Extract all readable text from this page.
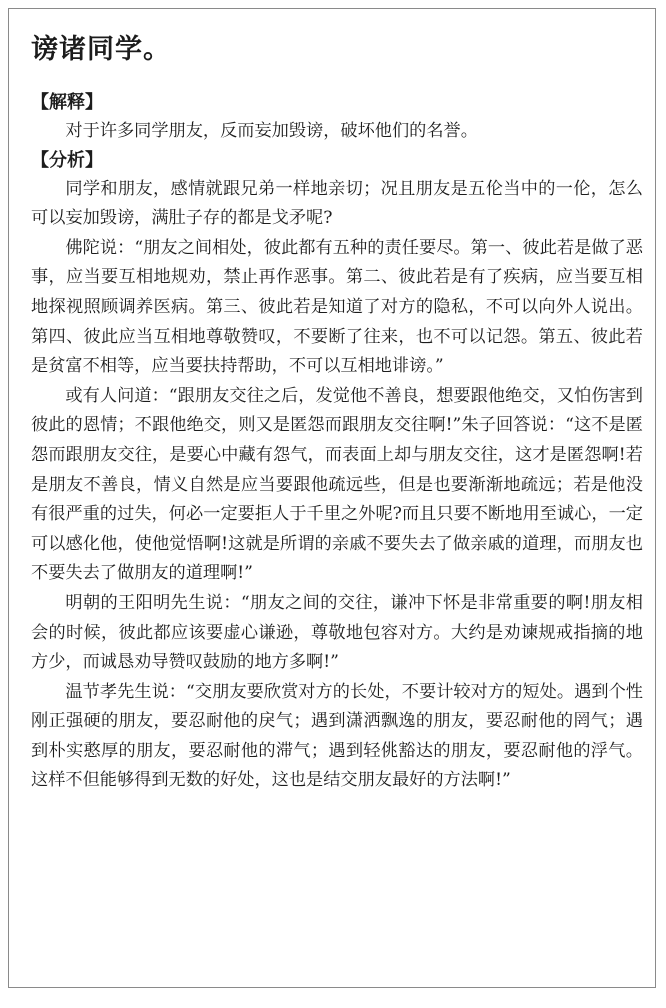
谤诸同学。
【解释】

对于许多同学朋友，反而妄加毁谤，破坏他们的名誉。

【分析】

同学和朋友，感情就跟兄弟一样地亲切；况且朋友是五伦当中的一伦，怎么可以妄加毁谤，满肚子存的都是戈矛呢?

佛陀说：“朋友之间相处，彼此都有五种的责任要尽。第一、彼此若是做了恶事，应当要互相地规劝，禁止再作恶事。第二、彼此若是有了疾病，应当要互相地探视照顾调养医病。第三、彼此若是知道了对方的隐私，不可以向外人说出。第四、彼此应当互相地尊敬赞叹，不要断了往来，也不可以记怨。第五、彼此若是贫富不相等，应当要扶持帮助，不可以互相地诽谤。”

或有人问道：“跟朋友交往之后，发觉他不善良，想要跟他绝交，又怕伤害到彼此的恩情；不跟他绝交，则又是匿怨而跟朋友交往啊!”朱子回答说：“这不是匿怨而跟朋友交往，是要心中藏有怨气，而表面上却与朋友交往，这才是匿怨啊!若是朋友不善良，情义自然是应当要跟他疏远些，但是也要渐渐地疏远；若是他没有很严重的过失，何必一定要拒人于千里之外呢?而且只要不断地用至诚心，一定可以感化他，使他觉悟啊!这就是所谓的亲戚不要失去了做亲戚的道理，而朋友也不要失去了做朋友的道理啊!”

明朝的王阳明先生说：“朋友之间的交往，谦冲下怀是非常重要的啊!朋友相会的时候，彼此都应该要虚心谦逊，尊敬地包容对方。大约是劝谏规戒指摘的地方少，而诚恳劝导赞叹鼓励的地方多啊!”

温节孝先生说：“交朋友要欣赏对方的长处，不要计较对方的短处。遇到个性刚正强硬的朋友，要忍耐他的戾气；遇到潇洒飘逸的朋友，要忍耐他的罔气；遇到朴实憨厚的朋友，要忍耐他的滞气；遇到轻佻豁达的朋友，要忍耐他的浮气。这样不但能够得到无数的好处，这也是结交朋友最好的方法啊!”
